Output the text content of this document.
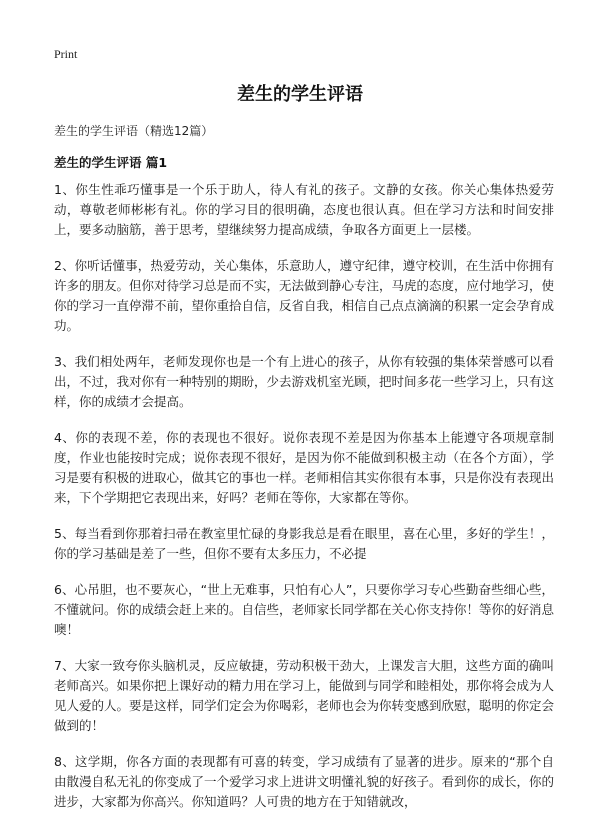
Print
差生的学生评语
差生的学生评语（精选12篇）
差生的学生评语 篇1

1、你生性乖巧懂事是一个乐于助人，待人有礼的孩子。文静的女孩。你关心集体热爱劳动，尊敬老师彬彬有礼。你的学习目的很明确，态度也很认真。但在学习方法和时间安排上，要多动脑筋，善于思考，望继续努力提高成绩，争取各方面更上一层楼。

2、你听话懂事，热爱劳动，关心集体，乐意助人，遵守纪律，遵守校训，在生活中你拥有许多的朋友。但你对待学习总是而不实，无法做到静心专注，马虎的态度，应付地学习，使你的学习一直停滞不前，望你重拾自信，反省自我，相信自己点点滴滴的积累一定会孕育成功。

3、我们相处两年，老师发现你也是一个有上进心的孩子，从你有较强的集体荣誉感可以看出，不过，我对你有一种特别的期盼，少去游戏机室光顾，把时间多花一些学习上，只有这样，你的成绩才会提高。

4、你的表现不差，你的表现也不很好。说你表现不差是因为你基本上能遵守各项规章制度，作业也能按时完成；说你表现不很好，是因为你不能做到积极主动（在各个方面），学习是要有积极的进取心，做其它的事也一样。老师相信其实你很有本事，只是你没有表现出来，下个学期把它表现出来，好吗？老师在等你，大家都在等你。

5、每当看到你那着扫帚在教室里忙碌的身影我总是看在眼里，喜在心里，多好的学生！，你的学习基础是差了一些，但你不要有太多压力，不必提

6、心吊胆，也不要灰心，“世上无难事，只怕有心人”，只要你学习专心些勤奋些细心些，不懂就问。你的成绩会赶上来的。自信些，老师家长同学都在关心你支持你！等你的好消息噢！

7、大家一致夸你头脑机灵，反应敏捷，劳动积极干劲大，上课发言大胆，这些方面的确叫老师高兴。如果你把上课好动的精力用在学习上，能做到与同学和睦相处，那你将会成为人见人爱的人。要是这样，同学们定会为你喝彩，老师也会为你转变感到欣慰，聪明的你定会做到的！

8、这学期，你各方面的表现都有可喜的转变，学习成绩有了显著的进步。原来的“那个自由散漫自私无礼的你变成了一个爱学习求上进讲文明懂礼貌的好孩子。看到你的成长，你的进步，大家都为你高兴。你知道吗？人可贵的地方在于知错就改，
